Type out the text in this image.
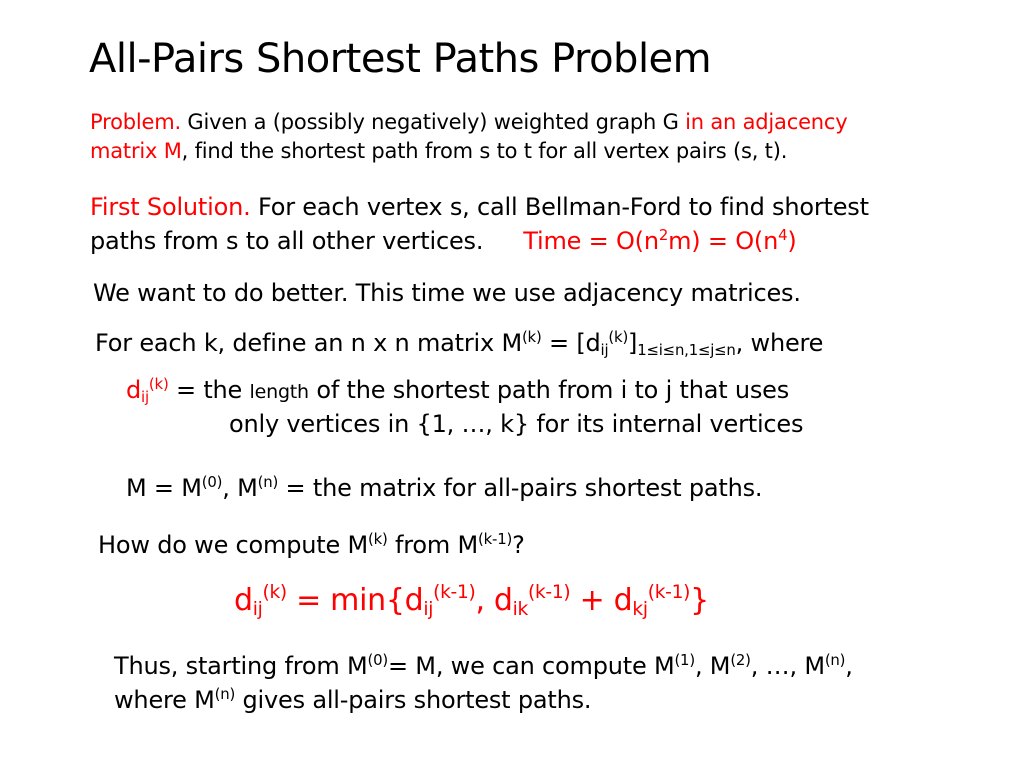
All-Pairs Shortest Paths Problem
Problem. Given a (possibly negatively) weighted graph G in an adjacency
matrix M, find the shortest path from s to t for all vertex pairs (s, t).
First Solution. For each vertex s, call Bellman-Ford to find shortest
paths from s to all other vertices. Time = $O(n^2m) = O(n^4)$
We want to do better. This time we use adjacency matrices.
For each k, define an n x n matrix $M^{(k)} = [d_{ij}^{(k)}]_{1\le i\le n,1\le j\le n}$, where
$d_{ij}^{(k)}$ = the length of the shortest path from i to j that uses
only vertices in {1, …, k} for its internal vertices
$M = M^{(0)}$, $M^{(n)}$ = the matrix for all-pairs shortest paths.
How do we compute $M^{(k)}$ from $M^{(k-1)}$?
$d_{ij}^{(k)} = \min\{d_{ij}^{(k-1)}$, $d_{ik}^{(k-1)} + d_{kj}^{(k-1)}$}
Thus, starting from $M^{(0)}= M$, we can compute $M^{(1)}$, $M^{(2)}$, …, $M^{(n)}$,
where $M^{(n)}$ gives all-pairs shortest paths.
